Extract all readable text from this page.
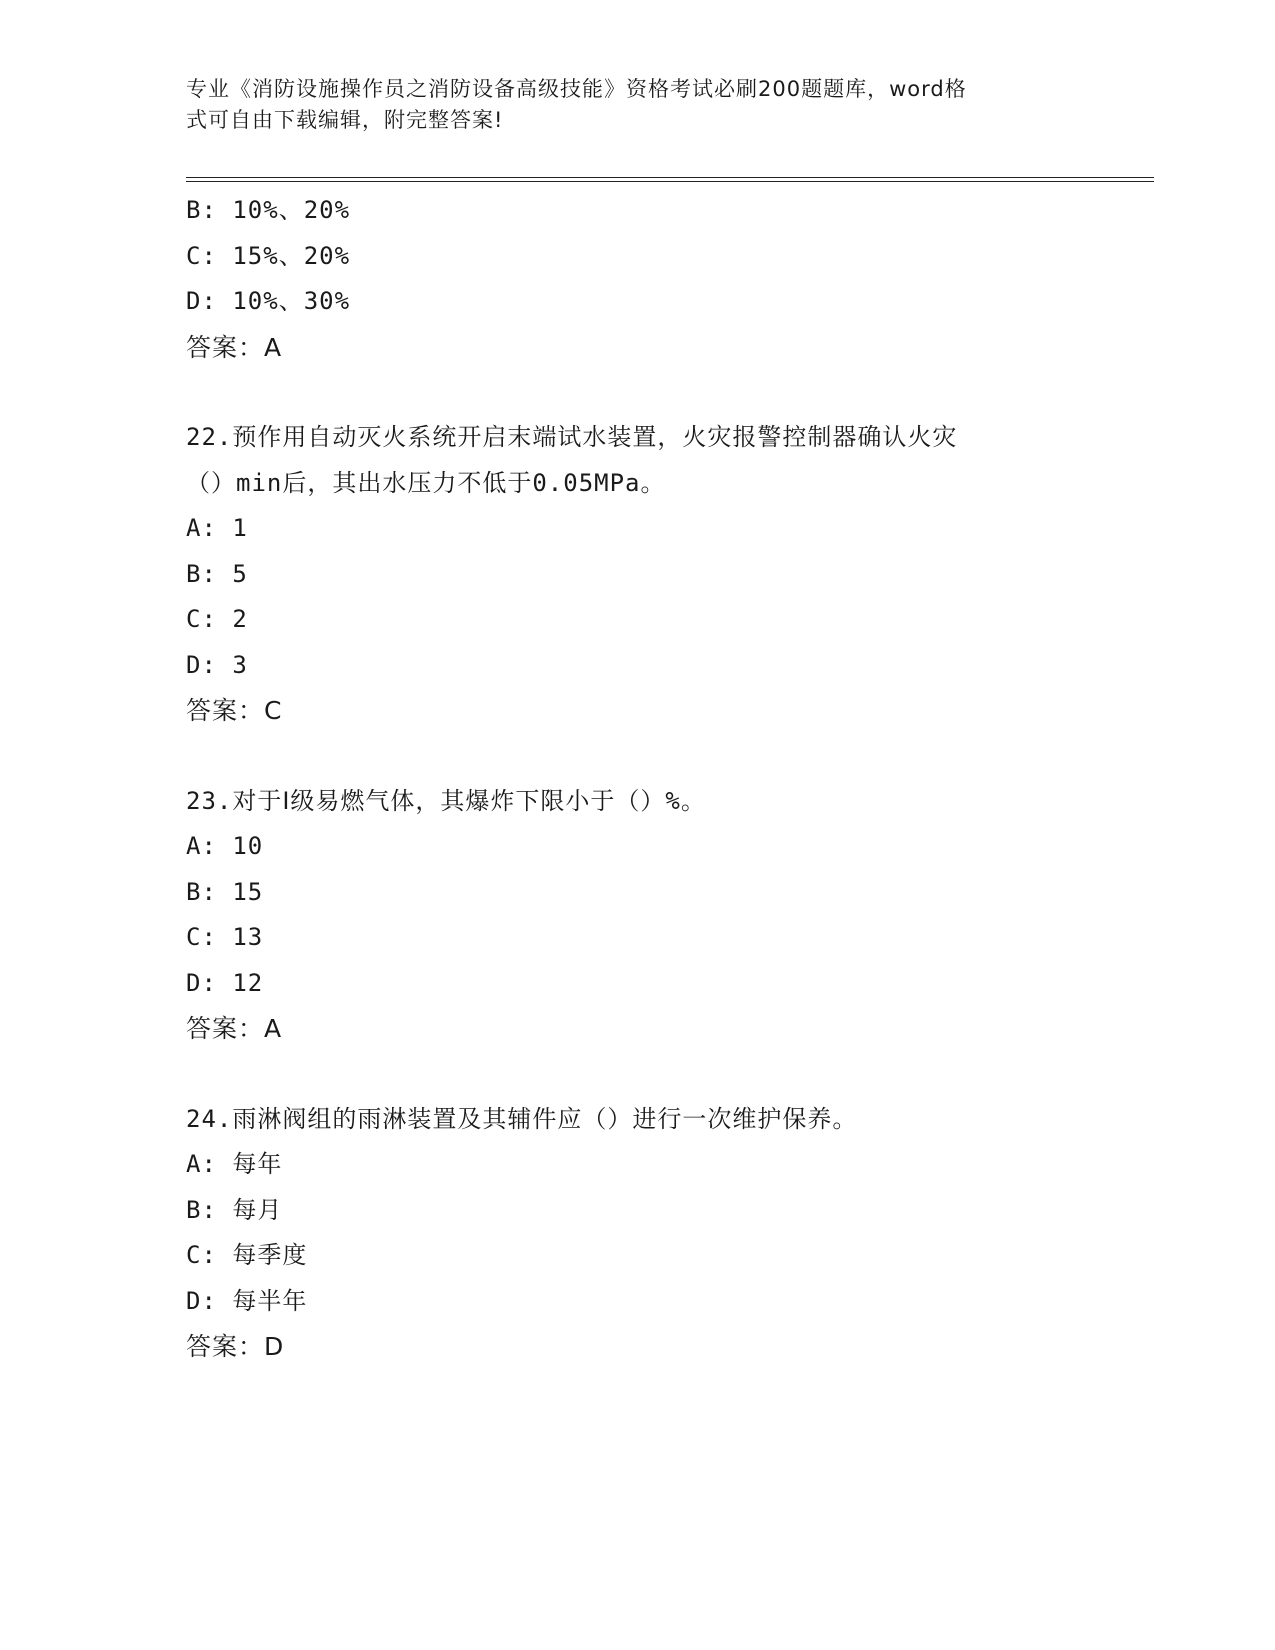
专业《消防设施操作员之消防设备高级技能》资格考试必刷200题题库，word格
式可自由下载编辑，附完整答案!
B: 10%、20%
C: 15%、20%
D: 10%、30%
答案：A
22.预作用自动灭火系统开启末端试水装置，火灾报警控制器确认火灾
（）min后，其出水压力不低于0.05MPa。
A: 1
B: 5
C: 2
D: 3
答案：C
23.对于Ⅰ级易燃气体，其爆炸下限小于（）%。
A: 10
B: 15
C: 13
D: 12
答案：A
24.雨淋阀组的雨淋装置及其辅件应（）进行一次维护保养。
A: 每年
B: 每月
C: 每季度
D: 每半年
答案：D
